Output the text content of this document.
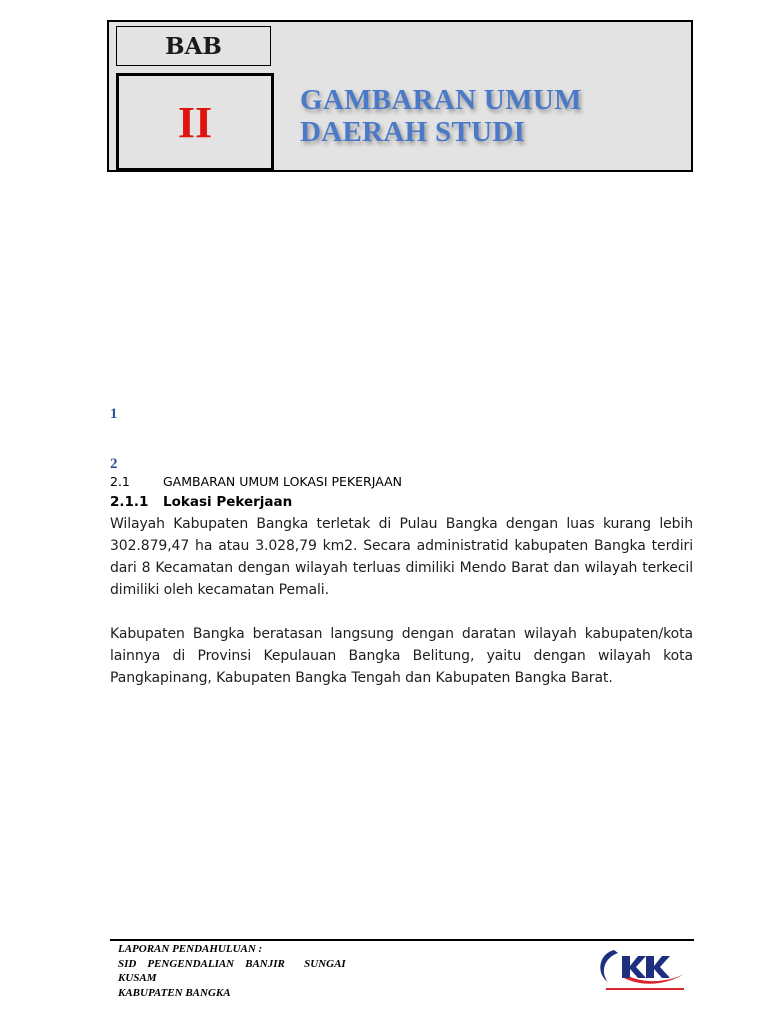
BAB
II	GAMBARAN UMUM
DAERAH STUDI
1
2
2.1	GAMBARAN UMUM LOKASI PEKERJAAN
2.1.1 Lokasi Pekerjaan

Wilayah Kabupaten Bangka terletak di Pulau Bangka dengan luas kurang lebih 302.879,47 ha atau 3.028,79 km2. Secara administratid kabupaten Bangka terdiri dari 8 Kecamatan dengan wilayah terluas dimiliki Mendo Barat dan wilayah terkecil dimiliki oleh kecamatan Pemali.

Kabupaten Bangka beratasan langsung dengan daratan wilayah kabupaten/kota lainnya di Provinsi Kepulauan Bangka Belitung, yaitu dengan wilayah kota Pangkapinang, Kabupaten Bangka Tengah dan Kabupaten Bangka Barat.

LAPORAN PENDAHULUAN :
SID    PENGENDALIAN    BANJIR       SUNGAI
KUSAM
KABUPATEN BANGKA
